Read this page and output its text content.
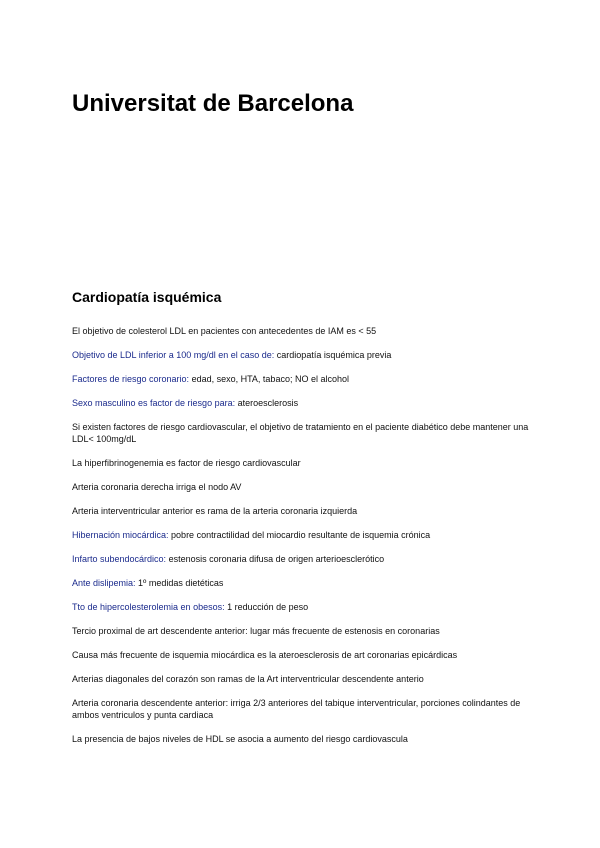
Universitat de Barcelona
Cardiopatía isquémica
El objetivo de colesterol LDL en pacientes con antecedentes de IAM es < 55
Objetivo de LDL inferior a 100 mg/dl en el caso de: cardiopatía isquémica previa
Factores de riesgo coronario: edad, sexo, HTA, tabaco; NO el alcohol
Sexo masculino es factor de riesgo para: ateroesclerosis
Si existen factores de riesgo cardiovascular, el objetivo de tratamiento en el paciente diabético debe mantener una LDL< 100mg/dL
La hiperfibrinogenemia es factor de riesgo cardiovascular
Arteria coronaria derecha irriga el nodo AV
Arteria interventricular anterior es rama de la arteria coronaria izquierda
Hibernación miocárdica: pobre contractilidad del miocardio resultante de isquemia crónica
Infarto subendocárdico: estenosis coronaria difusa de origen arterioesclerótico
Ante dislipemia: 1º medidas dietéticas
Tto de hipercolesterolemia en obesos: 1 reducción de peso
Tercio proximal de art descendente anterior: lugar más frecuente de estenosis en coronarias
Causa más frecuente de isquemia miocárdica es la ateroesclerosis de art coronarias epicárdicas
Arterias diagonales del corazón son ramas de la Art interventricular descendente anterio
Arteria coronaria descendente anterior: irriga 2/3 anteriores del tabique interventricular, porciones colindantes de ambos ventriculos y punta cardiaca
La presencia de bajos niveles de HDL se asocia a aumento del riesgo cardiovascula
